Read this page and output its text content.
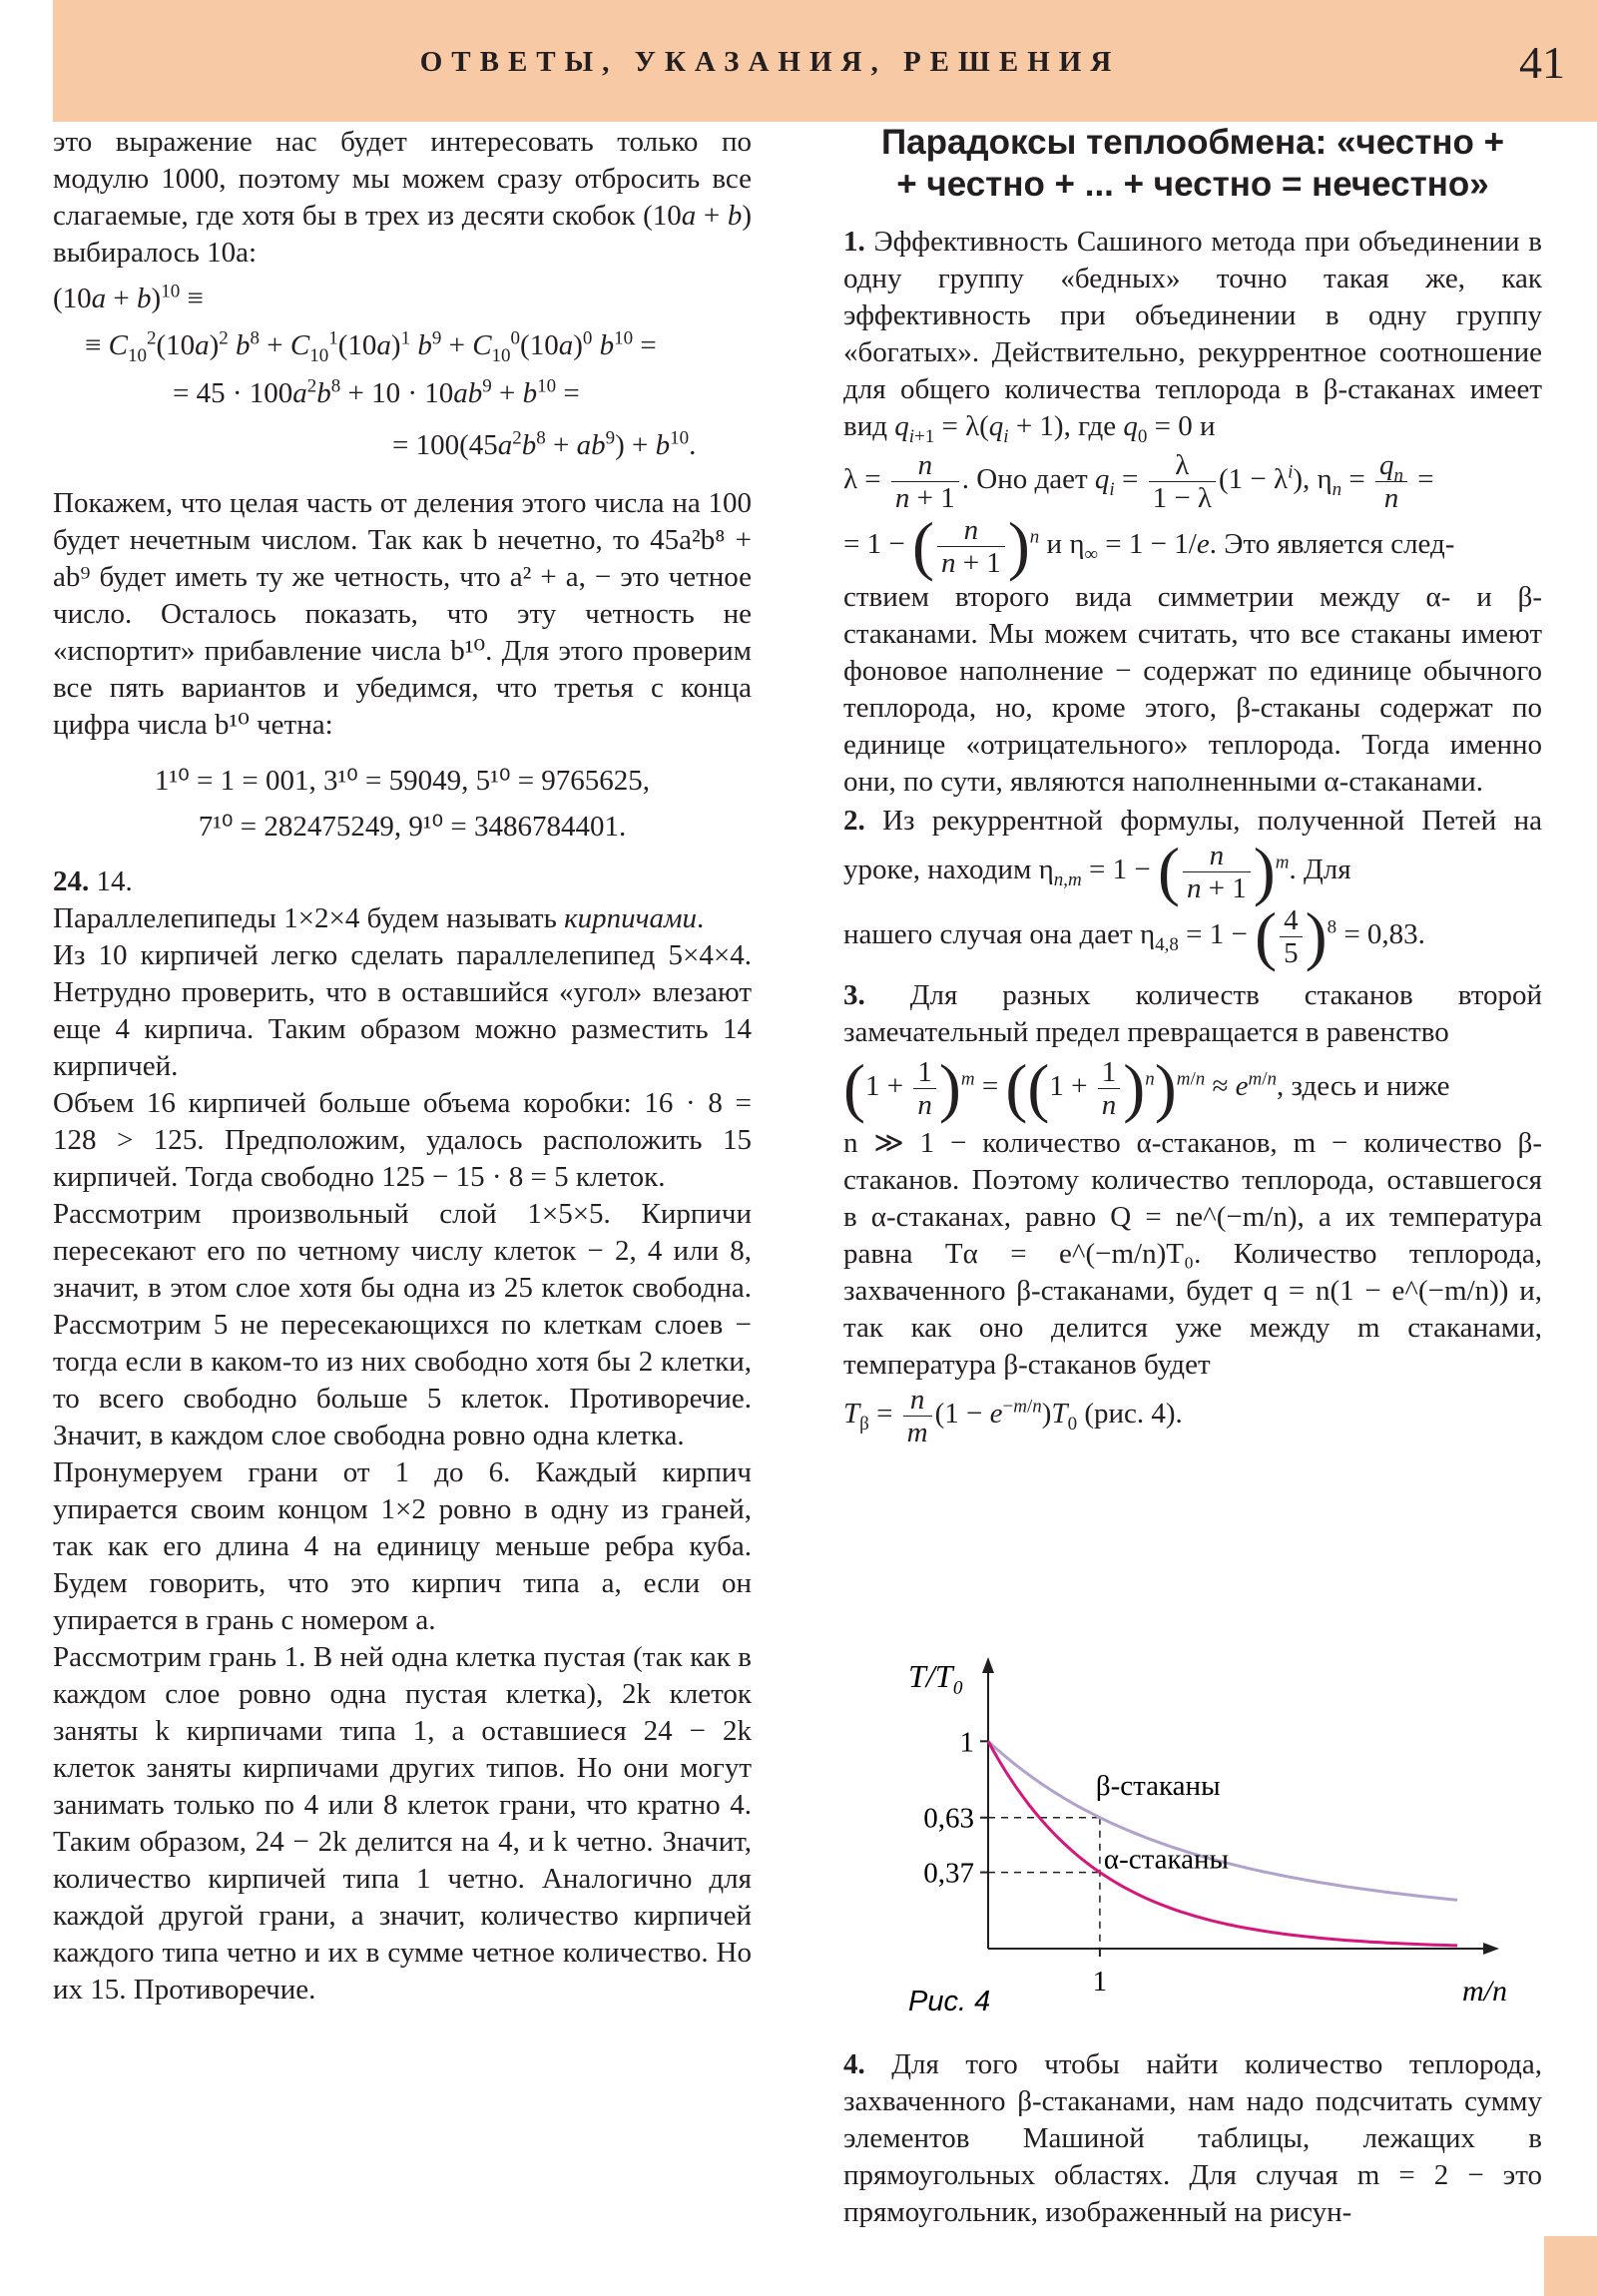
ОТВЕТЫ, УКАЗАНИЯ, РЕШЕНИЯ	41

это выражение нас будет интересовать только по модулю 1000, поэтому мы можем сразу отбросить все слагаемые, где хотя бы в трех из десяти скобок (10a + b) выбиралось 10a:

$(10a + b)^{10}$ ≡
≡ $C_{10}^2(10a)^2$ $b^8 + C_{10}^1(10a)^1$ $b^9 + C_{10}^0(10a)^0$ $b^{10}$ =
= $45 \cdot 100a^2b^8 + 10 \cdot 10ab^9 + b^{10}$ =
= $100(45a^2b^8 + ab^9) + b^{10}$.

Покажем, что целая часть от деления этого числа на 100 будет нечетным числом. Так как b нечетно, то 45a²b⁸ + ab⁹ будет иметь ту же четность, что a² + a, − это четное число. Осталось показать, что эту четность не «испортит» прибавление числа b¹⁰. Для этого проверим все пять вариантов и убедимся, что третья с конца цифра числа b¹⁰ четна:

1¹⁰ = 1 = 001, 3¹⁰ = 59049, 5¹⁰ = 9765625,
7¹⁰ = 282475249, 9¹⁰ = 3486784401.

24. 14.

Параллелепипеды 1×2×4 будем называть кирпичами.

Из 10 кирпичей легко сделать параллелепипед 5×4×4. Нетрудно проверить, что в оставшийся «угол» влезают еще 4 кирпича. Таким образом можно разместить 14 кирпичей.

Объем 16 кирпичей больше объема коробки: 16 · 8 = 128 > 125. Предположим, удалось расположить 15 кирпичей. Тогда свободно 125 − 15 · 8 = 5 клеток.

Рассмотрим произвольный слой 1×5×5. Кирпичи пересекают его по четному числу клеток − 2, 4 или 8, значит, в этом слое хотя бы одна из 25 клеток свободна. Рассмотрим 5 не пересекающихся по клеткам слоев − тогда если в каком-то из них свободно хотя бы 2 клетки, то всего свободно больше 5 клеток. Противоречие. Значит, в каждом слое свободна ровно одна клетка.

Пронумеруем грани от 1 до 6. Каждый кирпич упирается своим концом 1×2 ровно в одну из граней, так как его длина 4 на единицу меньше ребра куба. Будем говорить, что это кирпич типа a, если он упирается в грань с номером a.

Рассмотрим грань 1. В ней одна клетка пустая (так как в каждом слое ровно одна пустая клетка), 2k клеток заняты k кирпичами типа 1, а оставшиеся 24 − 2k клеток заняты кирпичами других типов. Но они могут занимать только по 4 или 8 клеток грани, что кратно 4. Таким образом, 24 − 2k делится на 4, и k четно. Значит, количество кирпичей типа 1 четно. Аналогично для каждой другой грани, а значит, количество кирпичей каждого типа четно и их в сумме четное количество. Но их 15. Противоречие.

Парадоксы теплообмена: «честно +
+ честно + ... + честно = нечестно»

1. Эффективность Сашиного метода при объединении в одну группу «бедных» точно такая же, как эффективность при объединении в одну группу «богатых». Действительно, рекуррентное соотношение для общего количества теплорода в β-стаканах имеет вид $q_{i+1} = \lambda(q_i + 1)$, где $q_0 = 0$ и

$\lambda = \frac{n}{n + 1}$ . Оно дает $q_i = \frac{\lambda}{1 - \lambda} (1 - \lambda^i)$, $\eta_n = \frac{q_n}{n}$ =
= 1 − ( $\frac{n}{n + 1} )^n$ и $\eta_\infty = 1 - 1/e$. Это является след-

ствием второго вида симметрии между α- и β-стаканами. Мы можем считать, что все стаканы имеют фоновое наполнение − содержат по единице обычного теплорода, но, кроме этого, β-стаканы содержат по единице «отрицательного» теплорода. Тогда именно они, по сути, являются наполненными α-стаканами.

2. Из рекуррентной формулы, полученной Петей на уроке, находим $\eta_{n,m} = 1$ − ( $\frac{n}{n + 1} )^m$. Для

нашего случая она дает $\eta_{4,8} = 1$ − ( $\frac{4}{5} )^8 = 0,83$.

3. Для разных количеств стаканов второй замечательный предел превращается в равенство

$(1 + \frac{1}{n} )^m = ((1 + \frac{1}{n} )^n)^{m/n} \approx e^{m/n}$, здесь и ниже

n ≫ 1 − количество α-стаканов, m − количество β-стаканов. Поэтому количество теплорода, оставшегося в α-стаканах, равно Q = ne^(−m/n), а их температура равна Tα = e^(−m/n)T₀. Количество теплорода, захваченного β-стаканами, будет q = n(1 − e^(−m/n)) и, так как оно делится уже между m стаканами, температура β-стаканов будет

$T_\beta = \frac{n}{m} (1 - e^{-m/n})T_0$ (рис. 4).
T/T₀
m/n
1
0,63
0,37
1
β-стаканы
α-стаканы
Рис. 4

4. Для того чтобы найти количество теплорода, захваченного β-стаканами, нам надо подсчитать сумму элементов Машиной таблицы, лежащих в прямоугольных областях. Для случая m = 2 − это прямоугольник, изображенный на рисун-
